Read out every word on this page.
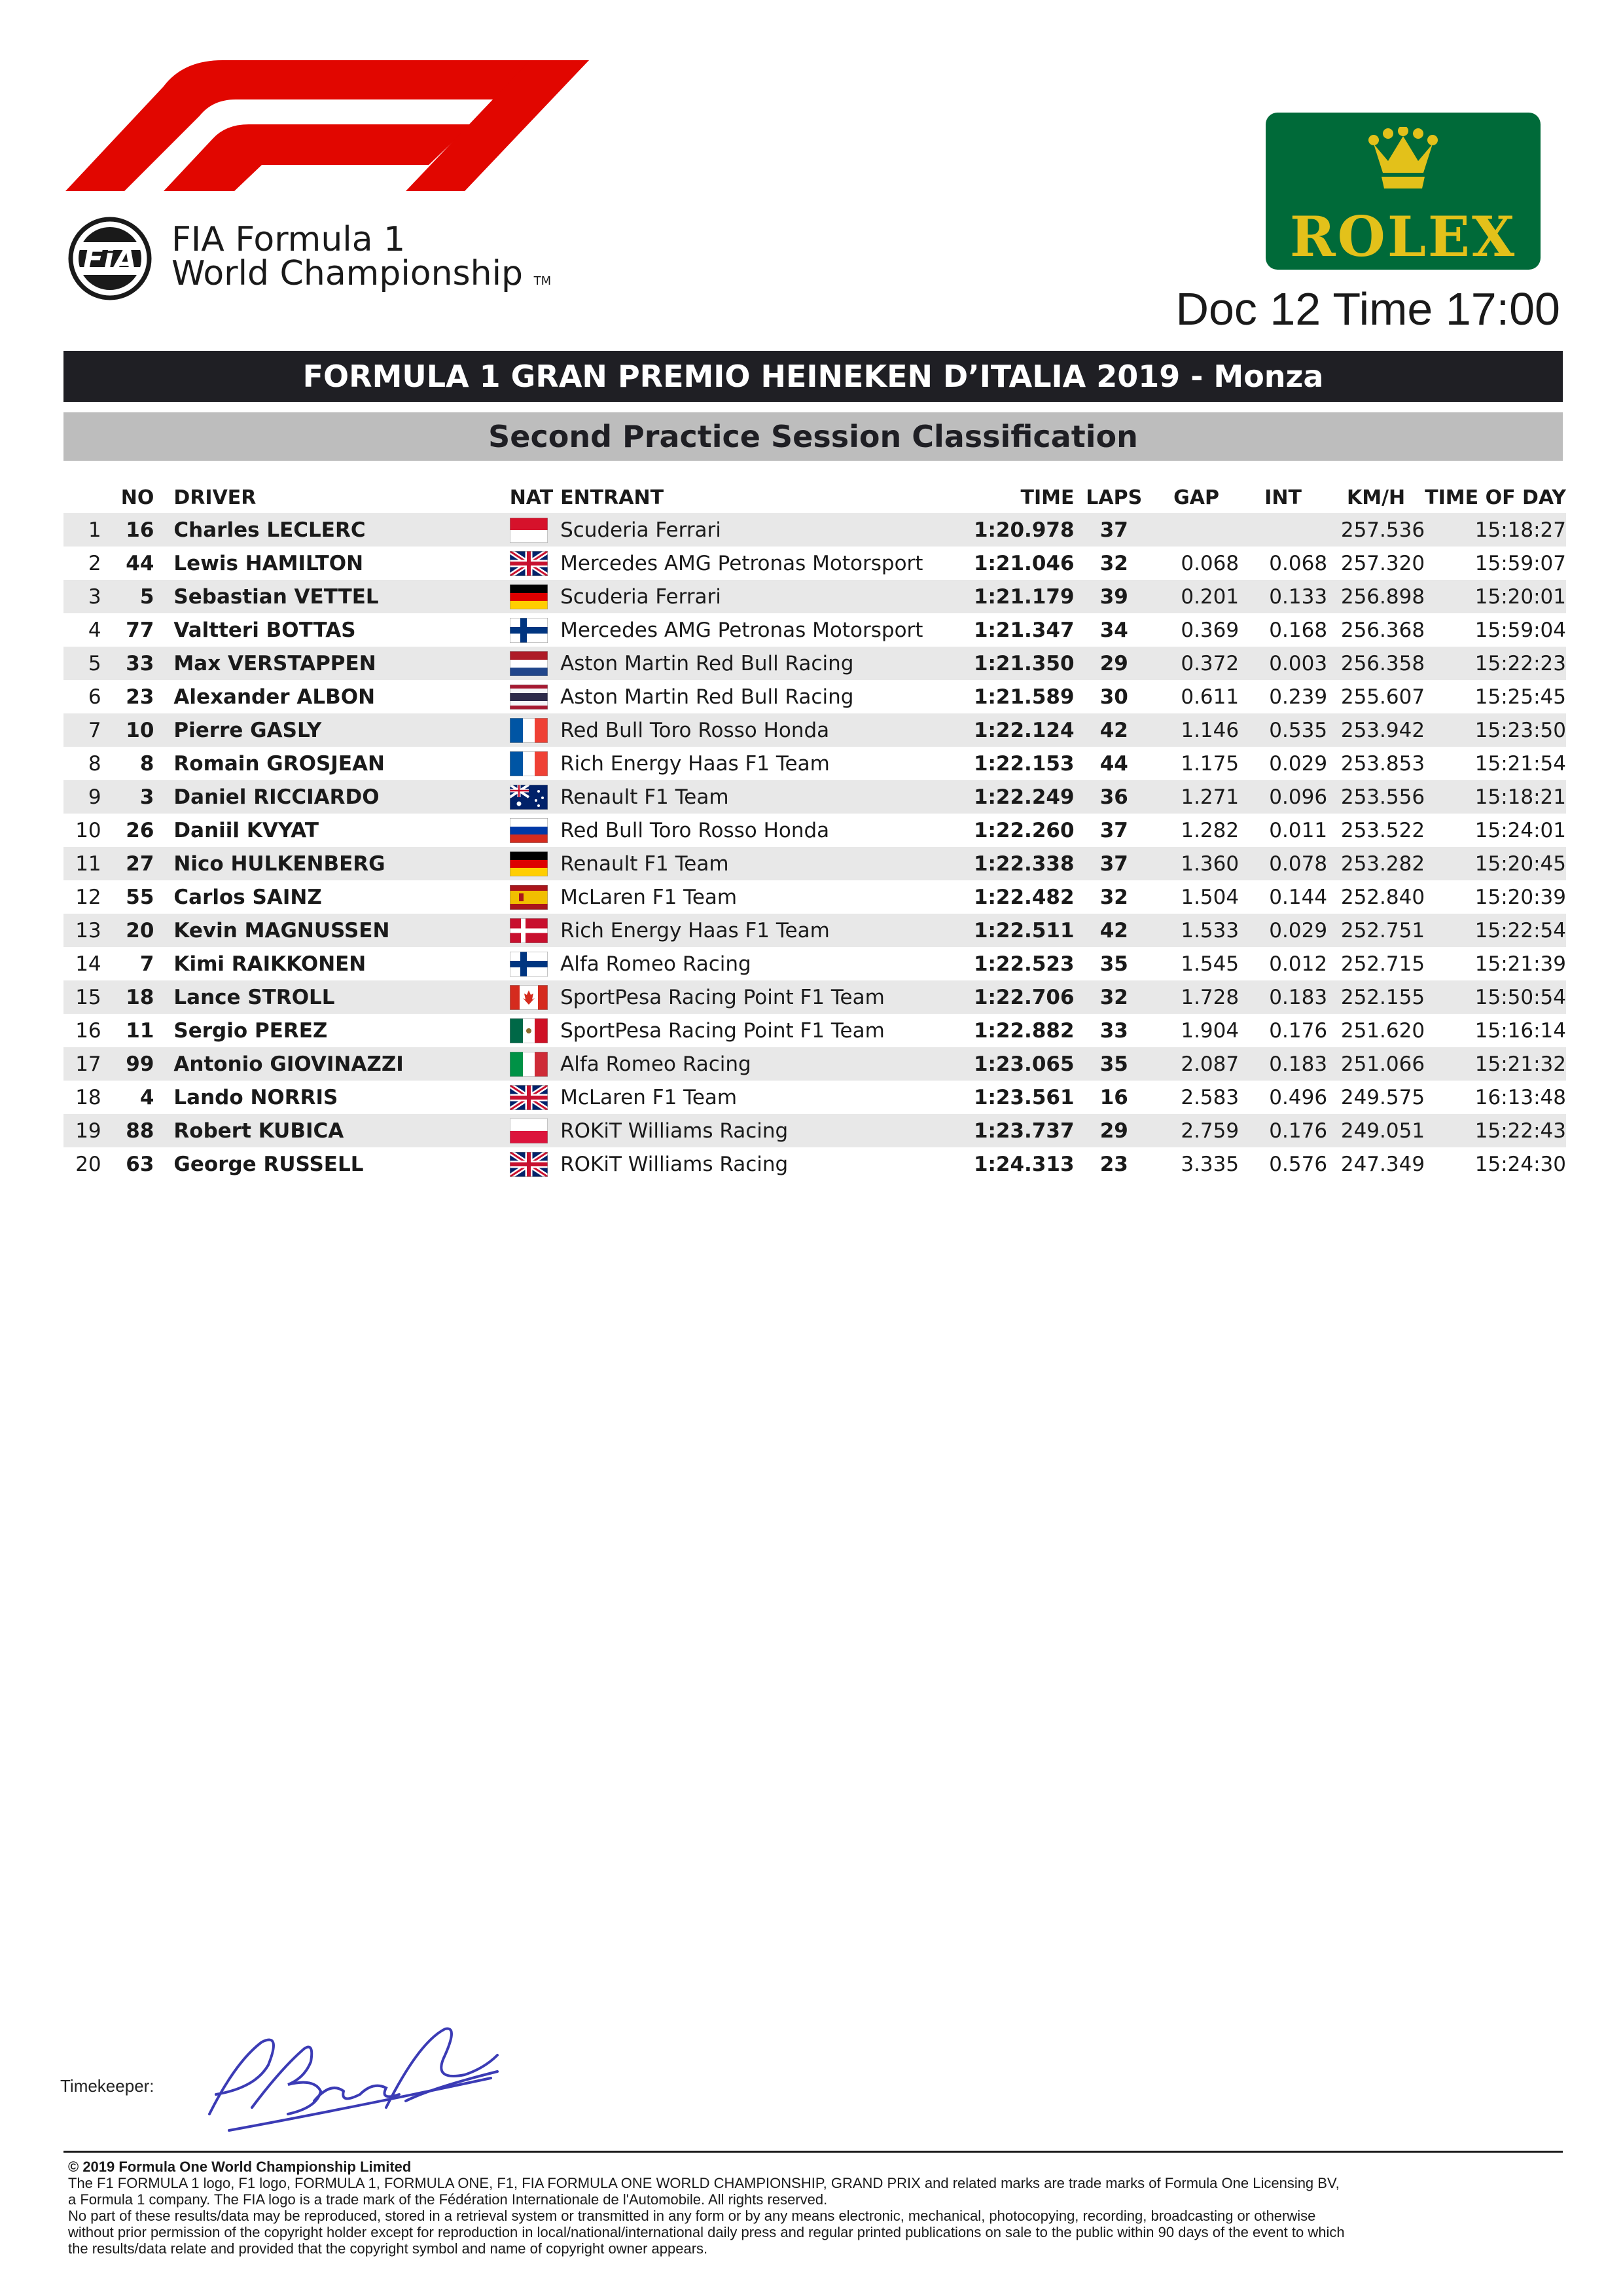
FiA FIA Formula 1
World Championship TM
ROLEX
Doc 12 Time 17:00
FORMULA 1 GRAN PREMIO HEINEKEN D’ITALIA 2019 - Monza
Second Practice Session Classification
	NO	DRIVER	NAT	ENTRANT	TIME	LAPS	GAP	INT	KM/H	TIME OF DAY
1	16	Charles LECLERC		Scuderia Ferrari	1:20.978	37			257.536	15:18:27
2	44	Lewis HAMILTON		Mercedes AMG Petronas Motorsport	1:21.046	32	0.068	0.068	257.320	15:59:07
3	5	Sebastian VETTEL		Scuderia Ferrari	1:21.179	39	0.201	0.133	256.898	15:20:01
4	77	Valtteri BOTTAS		Mercedes AMG Petronas Motorsport	1:21.347	34	0.369	0.168	256.368	15:59:04
5	33	Max VERSTAPPEN		Aston Martin Red Bull Racing	1:21.350	29	0.372	0.003	256.358	15:22:23
6	23	Alexander ALBON		Aston Martin Red Bull Racing	1:21.589	30	0.611	0.239	255.607	15:25:45
7	10	Pierre GASLY		Red Bull Toro Rosso Honda	1:22.124	42	1.146	0.535	253.942	15:23:50
8	8	Romain GROSJEAN		Rich Energy Haas F1 Team	1:22.153	44	1.175	0.029	253.853	15:21:54
9	3	Daniel RICCIARDO		Renault F1 Team	1:22.249	36	1.271	0.096	253.556	15:18:21
10	26	Daniil KVYAT		Red Bull Toro Rosso Honda	1:22.260	37	1.282	0.011	253.522	15:24:01
11	27	Nico HULKENBERG		Renault F1 Team	1:22.338	37	1.360	0.078	253.282	15:20:45
12	55	Carlos SAINZ		McLaren F1 Team	1:22.482	32	1.504	0.144	252.840	15:20:39
13	20	Kevin MAGNUSSEN		Rich Energy Haas F1 Team	1:22.511	42	1.533	0.029	252.751	15:22:54
14	7	Kimi RAIKKONEN		Alfa Romeo Racing	1:22.523	35	1.545	0.012	252.715	15:21:39
15	18	Lance STROLL		SportPesa Racing Point F1 Team	1:22.706	32	1.728	0.183	252.155	15:50:54
16	11	Sergio PEREZ		SportPesa Racing Point F1 Team	1:22.882	33	1.904	0.176	251.620	15:16:14
17	99	Antonio GIOVINAZZI		Alfa Romeo Racing	1:23.065	35	2.087	0.183	251.066	15:21:32
18	4	Lando NORRIS		McLaren F1 Team	1:23.561	16	2.583	0.496	249.575	16:13:48
19	88	Robert KUBICA		ROKiT Williams Racing	1:23.737	29	2.759	0.176	249.051	15:22:43
20	63	George RUSSELL		ROKiT Williams Racing	1:24.313	23	3.335	0.576	247.349	15:24:30
Timekeeper:
© 2019 Formula One World Championship Limited
The F1 FORMULA 1 logo, F1 logo, FORMULA 1, FORMULA ONE, F1, FIA FORMULA ONE WORLD CHAMPIONSHIP, GRAND PRIX and related marks are trade marks of Formula One Licensing BV,
a Formula 1 company. The FIA logo is a trade mark of the Fédération Internationale de l'Automobile. All rights reserved.
No part of these results/data may be reproduced, stored in a retrieval system or transmitted in any form or by any means electronic, mechanical, photocopying, recording, broadcasting or otherwise
without prior permission of the copyright holder except for reproduction in local/national/international daily press and regular printed publications on sale to the public within 90 days of the event to which
the results/data relate and provided that the copyright symbol and name of copyright owner appears.
